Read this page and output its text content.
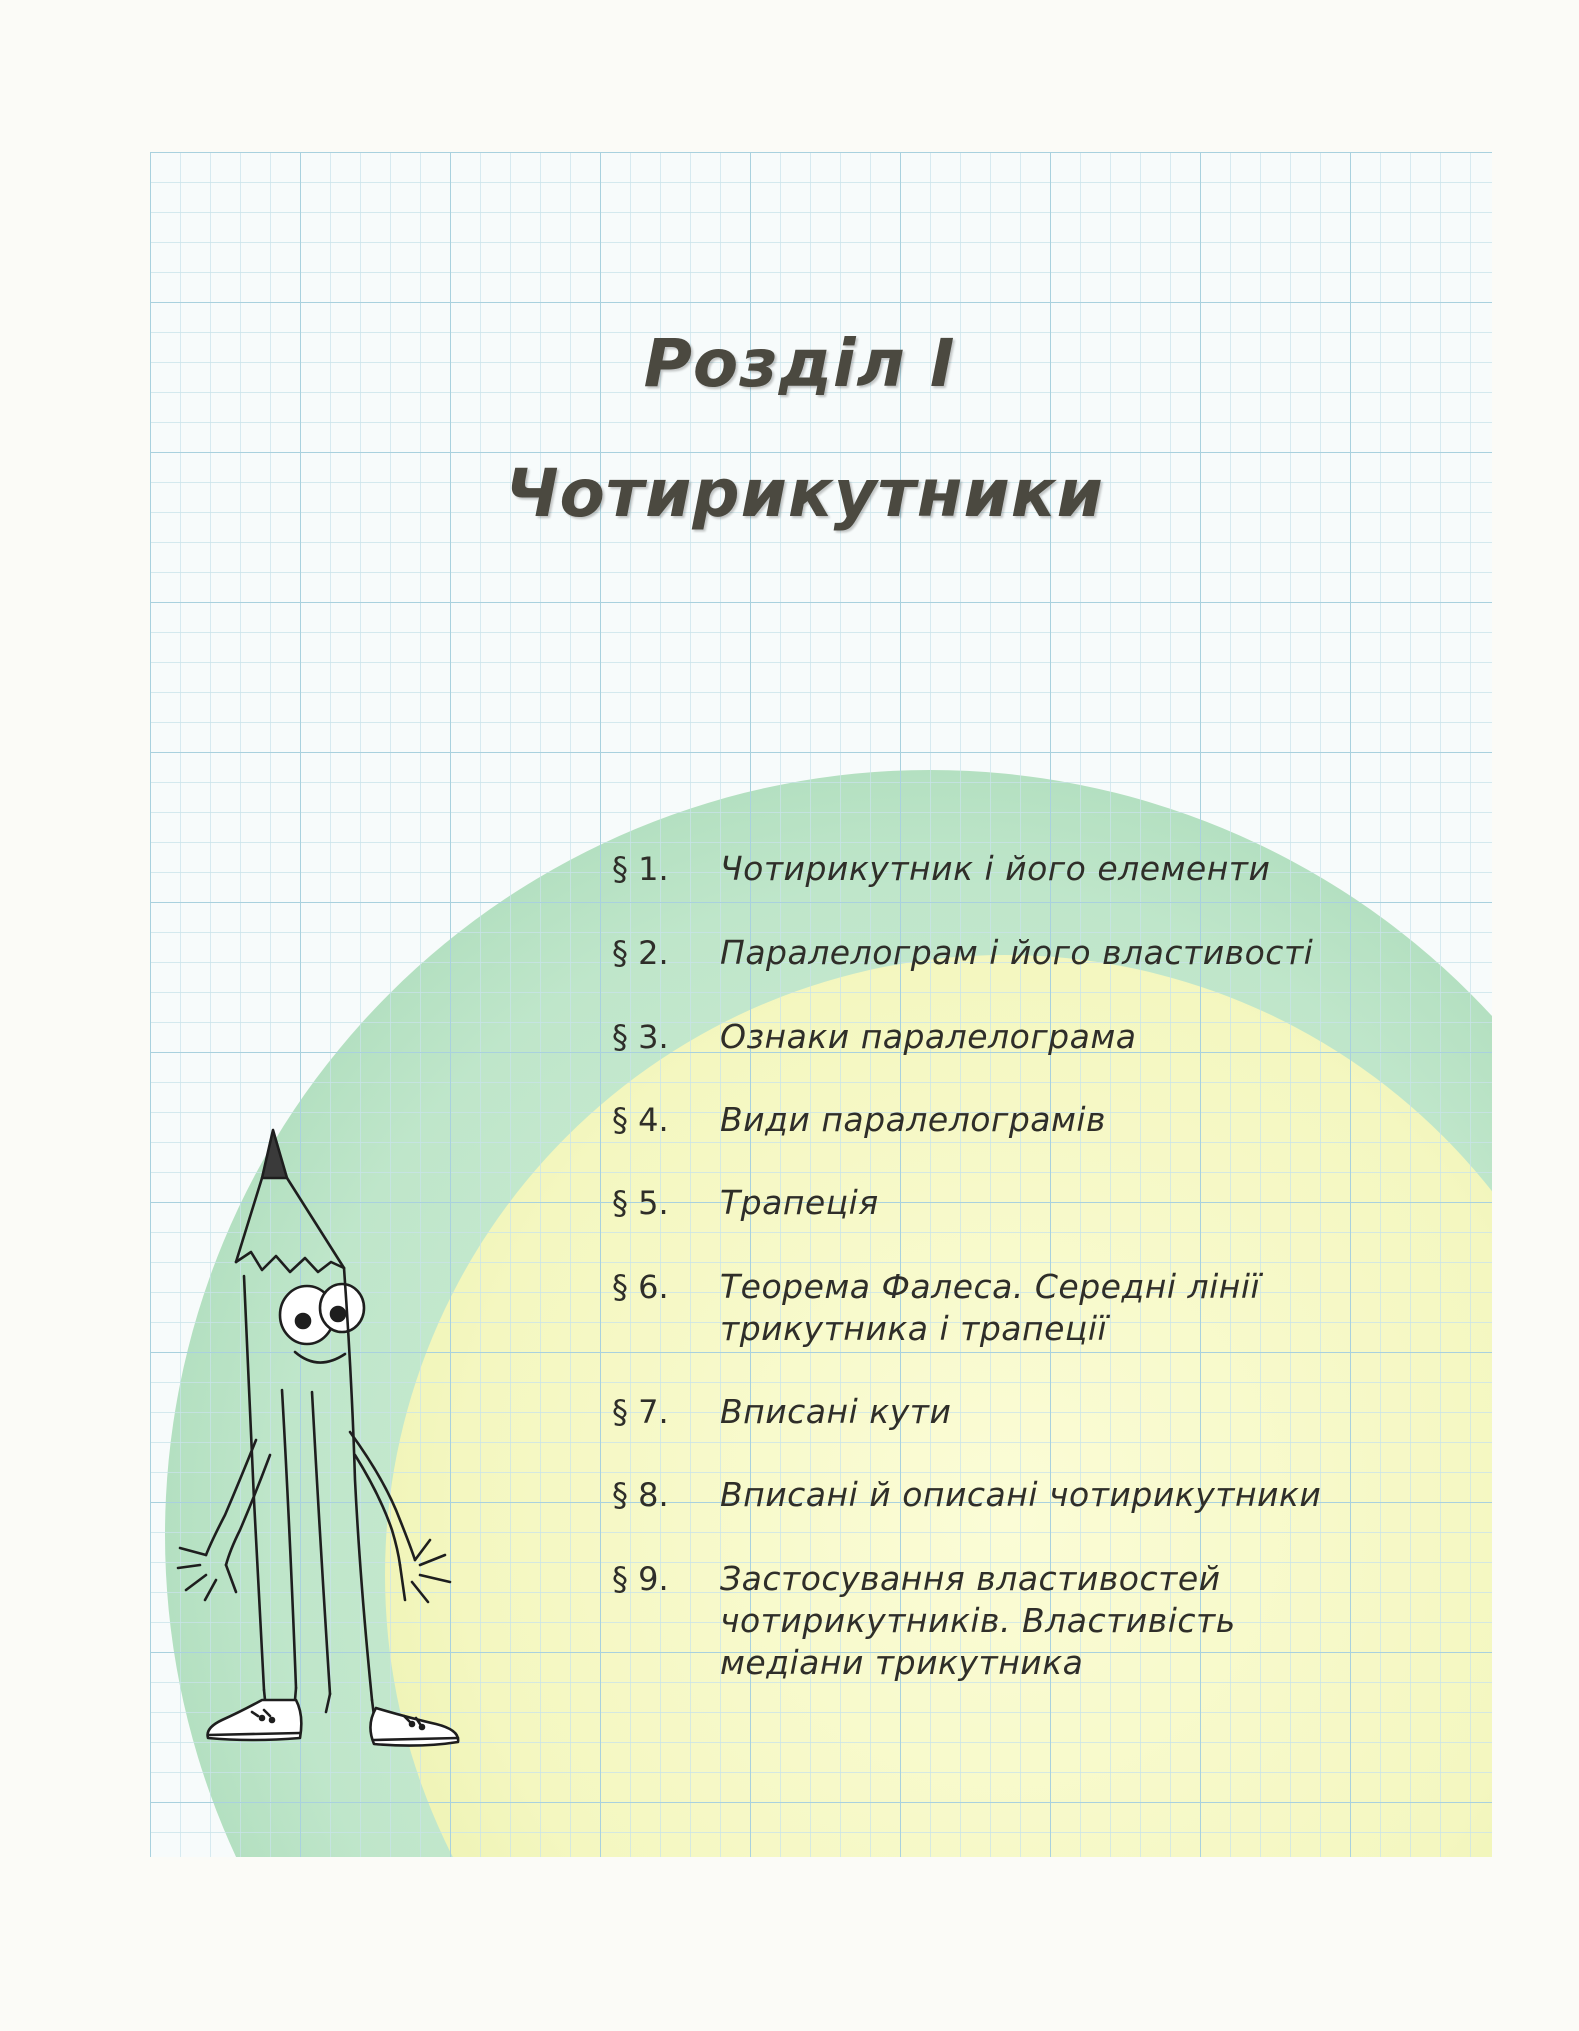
Розділ I
Чотирикутники
§ 1.	Чотирикутник і його елементи
§ 2.	Паралелограм і його властивості
§ 3.	Ознаки паралелограма
§ 4.	Види паралелограмів
§ 5.	Трапеція
§ 6.	Теорема Фалеса. Середні лінії
трикутника і трапеції
§ 7.	Вписані кути
§ 8.	Вписані й описані чотирикутники
§ 9.	Застосування властивостей
чотирикутників. Властивість
медіани трикутника
